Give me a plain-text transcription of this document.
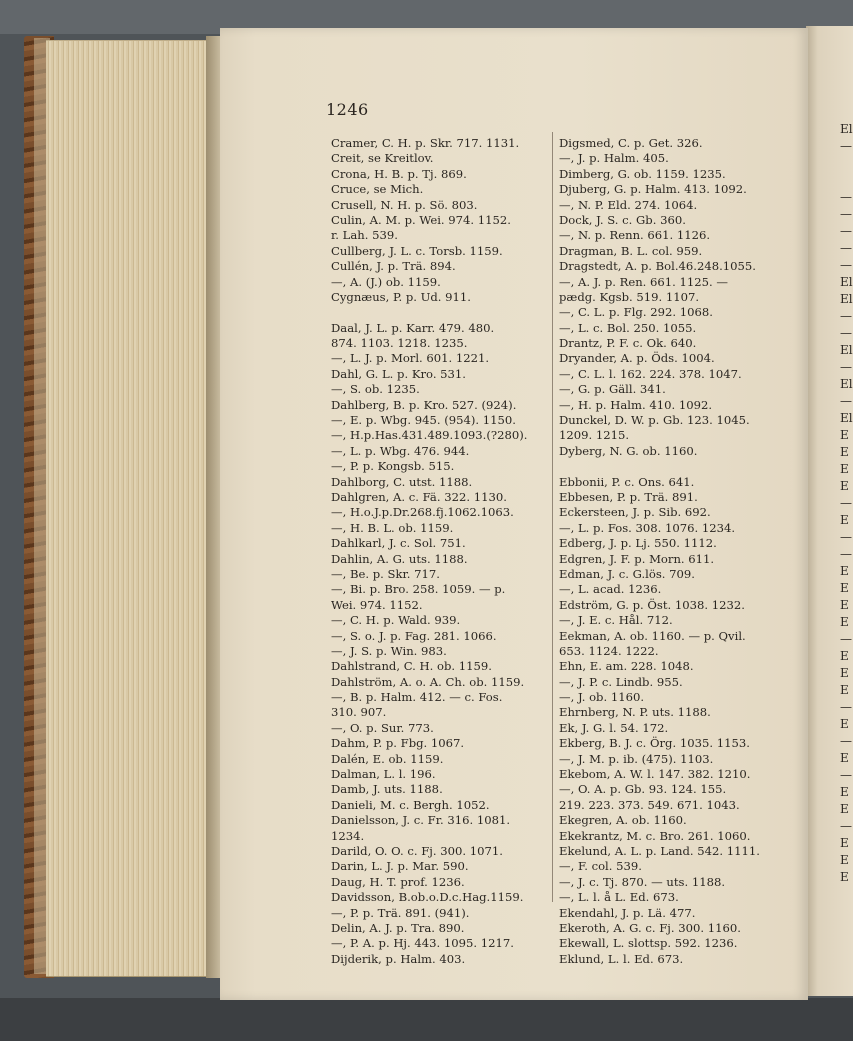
El
—
—
—
—
—
—
El
El
—
—
El
—
El
—
El
E
E
E
E
—
E
—
—
E
E
E
E
—
E
E
E
—
E
—
E
—
E
E
—
E
E
E

1246

Cramer, C. H. p. Skr. 717. 1131.
Creit, se Kreitlov.
Crona, H. B. p. Tj. 869.
Cruce, se Mich.
Crusell, N. H. p. Sö. 803.
Culin, A. M. p. Wei. 974. 1152.
r. Lah. 539.
Cullberg, J. L. c. Torsb. 1159.
Cullén, J. p. Trä. 894.
—, A. (J.) ob. 1159.
Cygnæus, P. p. Ud. 911.
Daal, J. L. p. Karr. 479. 480.
874. 1103. 1218. 1235.
—, L. J. p. Morl. 601. 1221.
Dahl, G. L. p. Kro. 531.
—, S. ob. 1235.
Dahlberg, B. p. Kro. 527. (924).
—, E. p. Wbg. 945. (954). 1150.
—, H.p.Has.431.489.1093.(?280).
—, L. p. Wbg. 476. 944.
—, P. p. Kongsb. 515.
Dahlborg, C. utst. 1188.
Dahlgren, A. c. Fä. 322. 1130.
—, H.o.J.p.Dr.268.fj.1062.1063.
—, H. B. L. ob. 1159.
Dahlkarl, J. c. Sol. 751.
Dahlin, A. G. uts. 1188.
—, Be. p. Skr. 717.
—, Bi. p. Bro. 258. 1059. — p.
Wei. 974. 1152.
—, C. H. p. Wald. 939.
—, S. o. J. p. Fag. 281. 1066.
—, J. S. p. Win. 983.
Dahlstrand, C. H. ob. 1159.
Dahlström, A. o. A. Ch. ob. 1159.
—, B. p. Halm. 412. — c. Fos.
310. 907.
—, O. p. Sur. 773.
Dahm, P. p. Fbg. 1067.
Dalén, E. ob. 1159.
Dalman, L. l. 196.
Damb, J. uts. 1188.
Danieli, M. c. Bergh. 1052.
Danielsson, J. c. Fr. 316. 1081.
1234.
Darild, O. O. c. Fj. 300. 1071.
Darin, L. J. p. Mar. 590.
Daug, H. T. prof. 1236.
Davidsson, B.ob.o.D.c.Hag.1159.
—, P. p. Trä. 891. (941).
Delin, A. J. p. Tra. 890.
—, P. A. p. Hj. 443. 1095. 1217.
Dijderik, p. Halm. 403.
Digsmed, C. p. Get. 326.
—, J. p. Halm. 405.
Dimberg, G. ob. 1159. 1235.
Djuberg, G. p. Halm. 413. 1092.
—, N. P. Eld. 274. 1064.
Dock, J. S. c. Gb. 360.
—, N. p. Renn. 661. 1126.
Dragman, B. L. col. 959.
Dragstedt, A. p. Bol.46.248.1055.
—, A. J. p. Ren. 661. 1125. —
pædg. Kgsb. 519. 1107.
—, C. L. p. Flg. 292. 1068.
—, L. c. Bol. 250. 1055.
Drantz, P. F. c. Ok. 640.
Dryander, A. p. Öds. 1004.
—, C. L. l. 162. 224. 378. 1047.
—, G. p. Gäll. 341.
—, H. p. Halm. 410. 1092.
Dunckel, D. W. p. Gb. 123. 1045.
1209. 1215.
Dyberg, N. G. ob. 1160.
Ebbonii, P. c. Ons. 641.
Ebbesen, P. p. Trä. 891.
Eckersteen, J. p. Sib. 692.
—, L. p. Fos. 308. 1076. 1234.
Edberg, J. p. Lj. 550. 1112.
Edgren, J. F. p. Morn. 611.
Edman, J. c. G.lös. 709.
—, L. acad. 1236.
Edström, G. p. Öst. 1038. 1232.
—, J. E. c. Hål. 712.
Eekman, A. ob. 1160. — p. Qvil.
653. 1124. 1222.
Ehn, E. am. 228. 1048.
—, J. P. c. Lindb. 955.
—, J. ob. 1160.
Ehrnberg, N. P. uts. 1188.
Ek, J. G. l. 54. 172.
Ekberg, B. J. c. Örg. 1035. 1153.
—, J. M. p. ib. (475). 1103.
Ekebom, A. W. l. 147. 382. 1210.
—, O. A. p. Gb. 93. 124. 155.
219. 223. 373. 549. 671. 1043.
Ekegren, A. ob. 1160.
Ekekrantz, M. c. Bro. 261. 1060.
Ekelund, A. L. p. Land. 542. 1111.
—, F. col. 539.
—, J. c. Tj. 870. — uts. 1188.
—, L. l. å L. Ed. 673.
Ekendahl, J. p. Lä. 477.
Ekeroth, A. G. c. Fj. 300. 1160.
Ekewall, L. slottsp. 592. 1236.
Eklund, L. l. Ed. 673.
